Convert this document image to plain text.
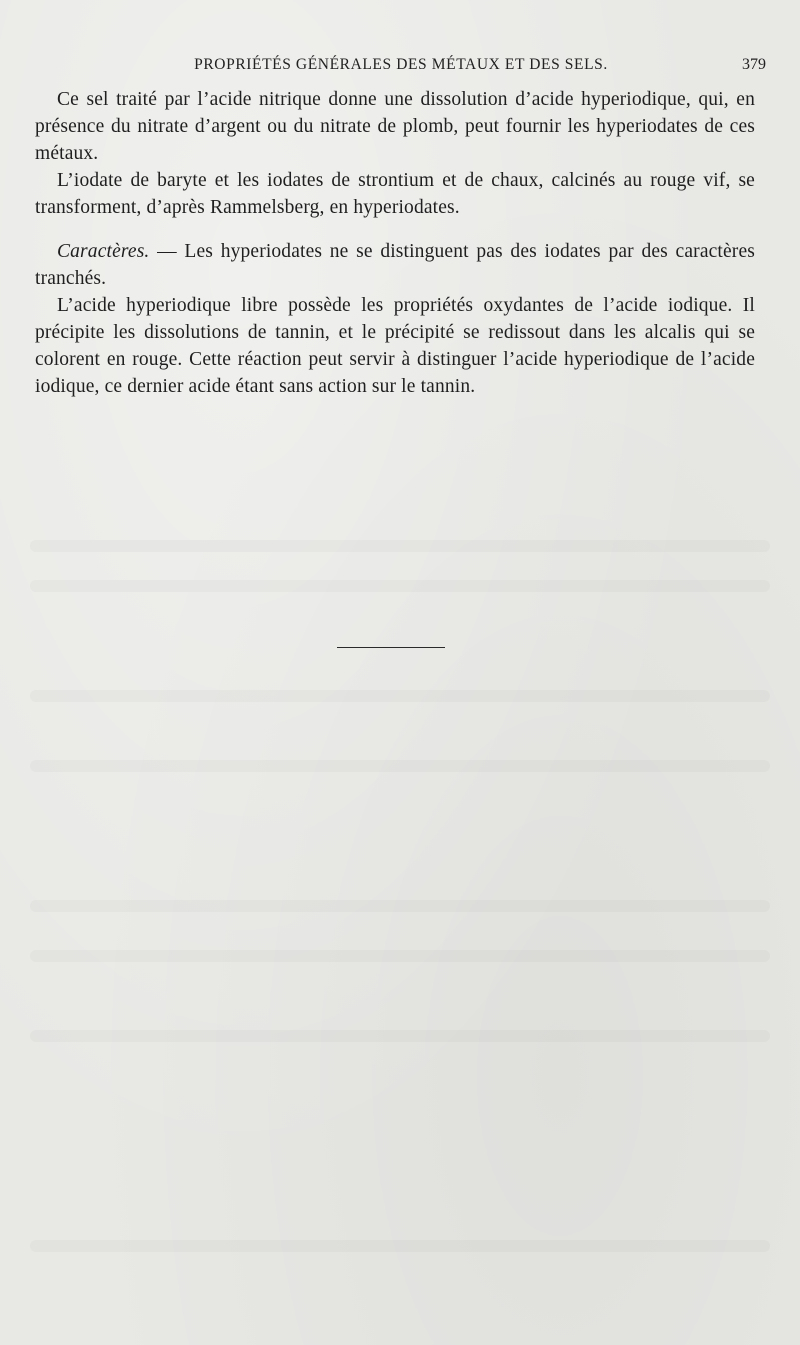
PROPRIÉTÉS GÉNÉRALES DES MÉTAUX ET DES SELS.	379

Ce sel traité par l’acide nitrique donne une dissolution d’acide hyperiodique, qui, en présence du nitrate d’argent ou du nitrate de plomb, peut fournir les hyperiodates de ces métaux.

L’iodate de baryte et les iodates de strontium et de chaux, calcinés au rouge vif, se transforment, d’après Rammelsberg, en hyperiodates.

Caractères. — Les hyperiodates ne se distinguent pas des iodates par des caractères tranchés.

L’acide hyperiodique libre possède les propriétés oxydantes de l’acide iodique. Il précipite les dissolutions de tannin, et le précipité se redissout dans les alcalis qui se colorent en rouge. Cette réaction peut servir à distinguer l’acide hyperiodique de l’acide iodique, ce dernier acide étant sans action sur le tannin.
